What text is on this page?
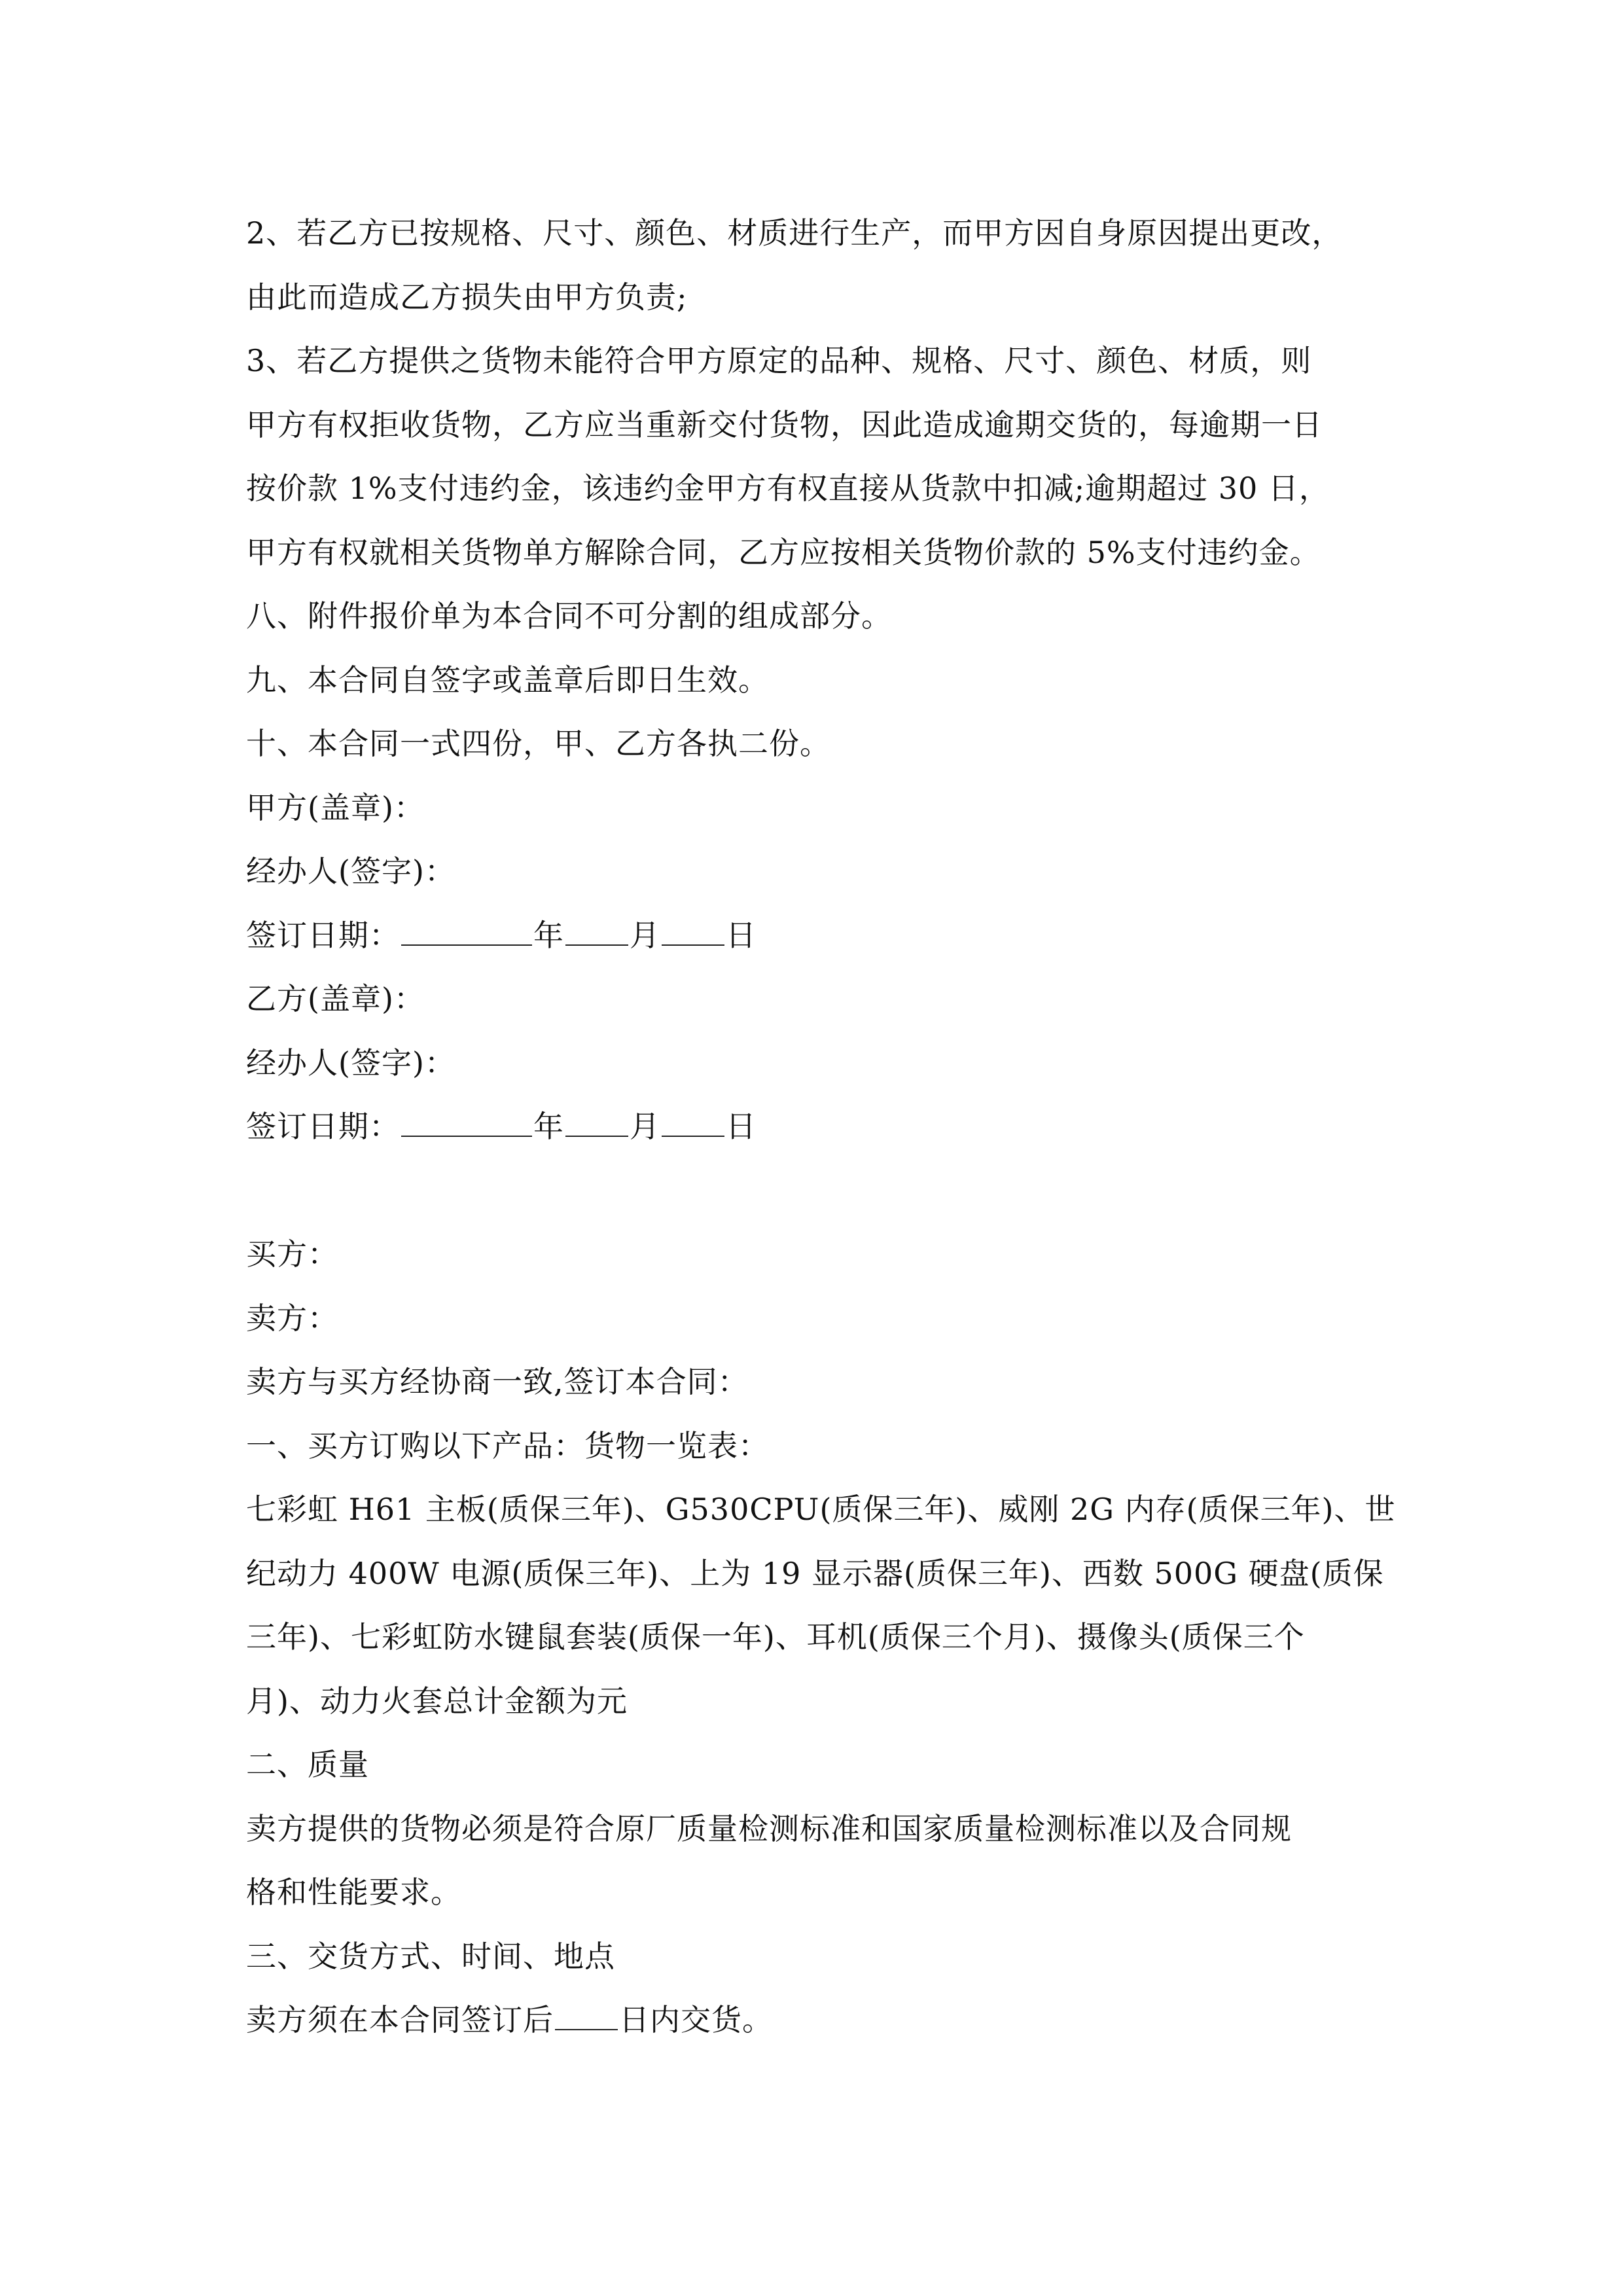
2、若乙方已按规格、尺寸、颜色、材质进行生产，而甲方因自身原因提出更改，
由此而造成乙方损失由甲方负责;
3、若乙方提供之货物未能符合甲方原定的品种、规格、尺寸、颜色、材质，则
甲方有权拒收货物，乙方应当重新交付货物，因此造成逾期交货的，每逾期一日
按价款 1%支付违约金，该违约金甲方有权直接从货款中扣减;逾期超过 30 日，
甲方有权就相关货物单方解除合同，乙方应按相关货物价款的 5%支付违约金。
八、附件报价单为本合同不可分割的组成部分。
九、本合同自签字或盖章后即日生效。
十、本合同一式四份，甲、乙方各执二份。
甲方(盖章)：
经办人(签字)：
签订日期：	年 月 日
乙方(盖章)：
经办人(签字)：
签订日期：	年 月 日
买方：
卖方：
卖方与买方经协商一致,签订本合同：
一、买方订购以下产品：货物一览表：
七彩虹 H61 主板(质保三年)、G530CPU(质保三年)、威刚 2G 内存(质保三年)、世
纪动力 400W 电源(质保三年)、上为 19 显示器(质保三年)、西数 500G 硬盘(质保
三年)、七彩虹防水键鼠套装(质保一年)、耳机(质保三个月)、摄像头(质保三个
月)、动力火套总计金额为元
二、质量
卖方提供的货物必须是符合原厂质量检测标准和国家质量检测标准以及合同规
格和性能要求。
三、交货方式、时间、地点
卖方须在本合同签订后 日内交货。
